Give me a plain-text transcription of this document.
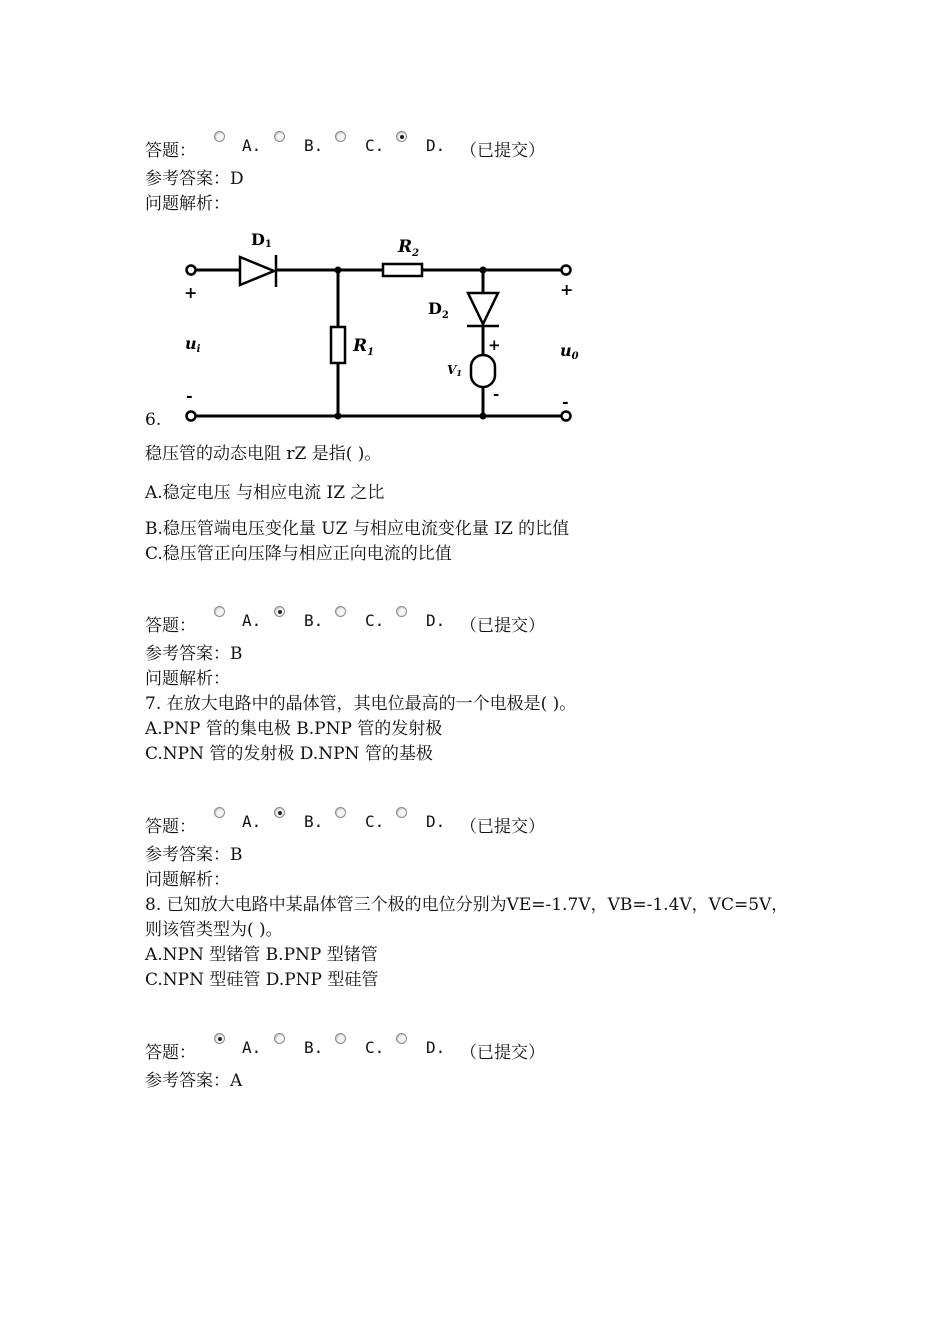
答题：	A.	B.	C.	D. （已提交）
参考答案：D
问题解析：
D1	$R_2$
$R_1$
$D_2$
V1
ui	u0
+
-
+
-
+
-
6.
稳压管的动态电阻 rZ 是指( )。
A.稳定电压 与相应电流 IZ 之比
B.稳压管端电压变化量 UZ 与相应电流变化量 IZ 的比值
C.稳压管正向压降与相应正向电流的比值
答题：	A.	B.	C.	D. （已提交）
参考答案：B
问题解析：
7. 在放大电路中的晶体管，其电位最高的一个电极是( )。
A.PNP 管的集电极 B.PNP 管的发射极
C.NPN 管的发射极 D.NPN 管的基极
答题：	A.	B.	C.	D. （已提交）
参考答案：B
问题解析：
8. 已知放大电路中某晶体管三个极的电位分别为VE=-1.7V，VB=-1.4V，VC=5V，
则该管类型为( )。
A.NPN 型锗管 B.PNP 型锗管
C.NPN 型硅管 D.PNP 型硅管
答题：	A.	B.	C.	D. （已提交）
参考答案：A
